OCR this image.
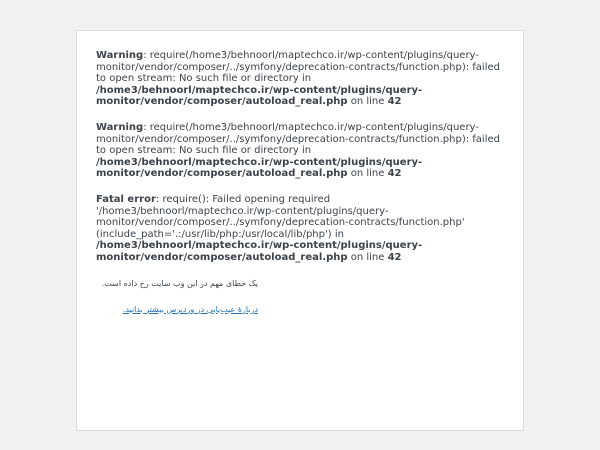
Warning: require(/home3/behnoorl/maptechco.ir/wp-content/plugins/query-monitor/vendor/composer/../symfony/deprecation-contracts/function.php): failed to open stream: No such file or directory in /home3/behnoorl/maptechco.ir/wp-content/plugins/query-monitor/vendor/composer/autoload_real.php on line 42

Warning: require(/home3/behnoorl/maptechco.ir/wp-content/plugins/query-monitor/vendor/composer/../symfony/deprecation-contracts/function.php): failed to open stream: No such file or directory in /home3/behnoorl/maptechco.ir/wp-content/plugins/query-monitor/vendor/composer/autoload_real.php on line 42

Fatal error: require(): Failed opening required '/home3/behnoorl/maptechco.ir/wp-content/plugins/query-monitor/vendor/composer/../symfony/deprecation-contracts/function.php' (include_path='.:/usr/lib/php:/usr/local/lib/php') in /home3/behnoorl/maptechco.ir/wp-content/plugins/query-monitor/vendor/composer/autoload_real.php on line 42

یک خطای مهم در این وب سایت رخ داده است.

دربارهٔ عیب‌یابی در وردپرس بیشتر بدانید.
